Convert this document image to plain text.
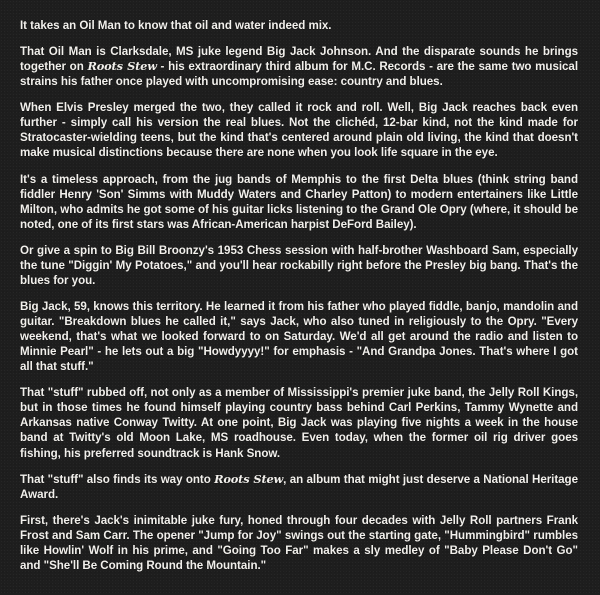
It takes an Oil Man to know that oil and water indeed mix.

That Oil Man is Clarksdale, MS juke legend Big Jack Johnson. And the disparate sounds he brings together on Roots Stew - his extraordinary third album for M.C. Records - are the same two musical strains his father once played with uncompromising ease: country and blues.

When Elvis Presley merged the two, they called it rock and roll. Well, Big Jack reaches back even further - simply call his version the real blues. Not the clichéd, 12-bar kind, not the kind made for Stratocaster-wielding teens, but the kind that's centered around plain old living, the kind that doesn't make musical distinctions because there are none when you look life square in the eye.

It's a timeless approach, from the jug bands of Memphis to the first Delta blues (think string band fiddler Henry 'Son' Simms with Muddy Waters and Charley Patton) to modern entertainers like Little Milton, who admits he got some of his guitar licks listening to the Grand Ole Opry (where, it should be noted, one of its first stars was African-American harpist DeFord Bailey).

Or give a spin to Big Bill Broonzy's 1953 Chess session with half-brother Washboard Sam, especially the tune "Diggin' My Potatoes," and you'll hear rockabilly right before the Presley big bang. That's the blues for you.

Big Jack, 59, knows this territory. He learned it from his father who played fiddle, banjo, mandolin and guitar. "Breakdown blues he called it," says Jack, who also tuned in religiously to the Opry. "Every weekend, that's what we looked forward to on Saturday. We'd all get around the radio and listen to Minnie Pearl" - he lets out a big "Howdyyyy!" for emphasis - "And Grandpa Jones. That's where I got all that stuff."

That "stuff" rubbed off, not only as a member of Mississippi's premier juke band, the Jelly Roll Kings, but in those times he found himself playing country bass behind Carl Perkins, Tammy Wynette and Arkansas native Conway Twitty. At one point, Big Jack was playing five nights a week in the house band at Twitty's old Moon Lake, MS roadhouse. Even today, when the former oil rig driver goes fishing, his preferred soundtrack is Hank Snow.

That "stuff" also finds its way onto Roots Stew, an album that might just deserve a National Heritage Award.

First, there's Jack's inimitable juke fury, honed through four decades with Jelly Roll partners Frank Frost and Sam Carr. The opener "Jump for Joy" swings out the starting gate, "Hummingbird" rumbles like Howlin' Wolf in his prime, and "Going Too Far" makes a sly medley of "Baby Please Don't Go" and "She'll Be Coming Round the Mountain."
